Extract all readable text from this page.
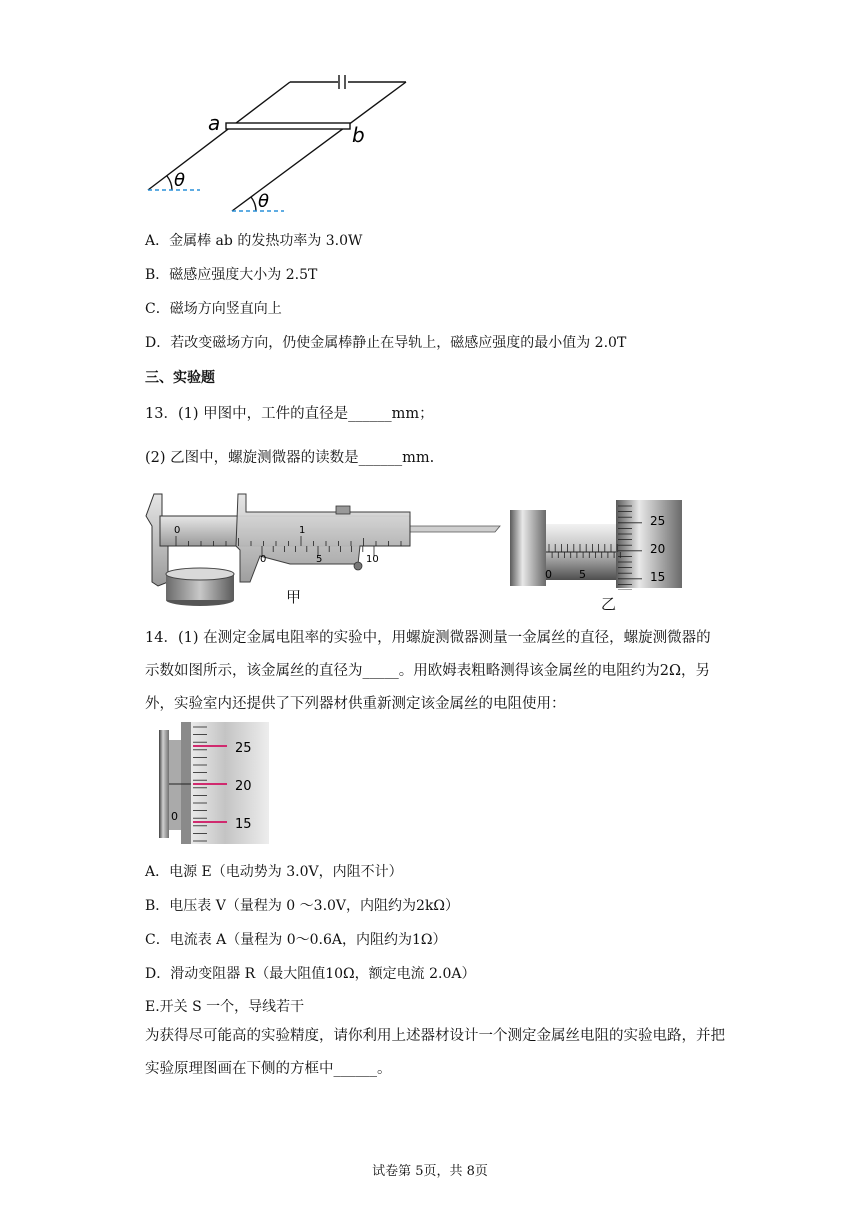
a	b
θ
θ
A．金属棒 ab 的发热功率为 3.0W
B．磁感应强度大小为 2.5T
C．磁场方向竖直向上
D．若改变磁场方向，仍使金属棒静止在导轨上，磁感应强度的最小值为 2.0T
三、实验题
13．(1) 甲图中，工件的直径是______mm；
(2) 乙图中，螺旋测微器的读数是______mm.
0	1
0	5	10
甲
0 5
25
20
15
乙
14．(1) 在测定金属电阻率的实验中，用螺旋测微器测量一金属丝的直径，螺旋测微器的示数如图所示，该金属丝的直径为_____。用欧姆表粗略测得该金属丝的电阻约为2Ω，另外，实验室内还提供了下列器材供重新测定该金属丝的电阻使用：
25
20
15
0
A．电源 E（电动势为 3.0V，内阻不计）
B．电压表 V（量程为 0 ～3.0V，内阻约为2kΩ）
C．电流表 A（量程为 0～0.6A，内阻约为1Ω）
D．滑动变阻器 R（最大阻值10Ω，额定电流 2.0A）
E.开关 S 一个，导线若干
为获得尽可能高的实验精度，请你利用上述器材设计一个测定金属丝电阻的实验电路，并把实验原理图画在下侧的方框中______。
试卷第 5页，共 8页
